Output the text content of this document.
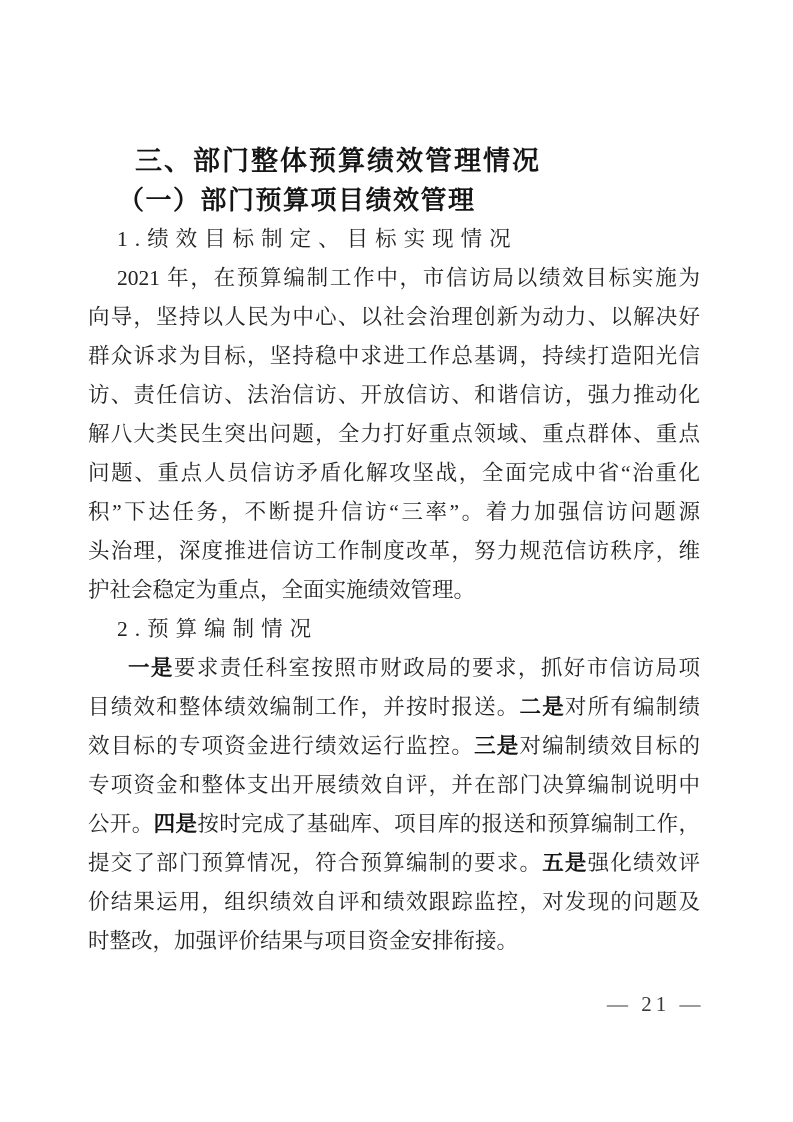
三、部门整体预算绩效管理情况
（一）部门预算项目绩效管理
1.绩效目标制定、目标实现情况
2021 年，在预算编制工作中，市信访局以绩效目标实施为
向导，坚持以人民为中心、以社会治理创新为动力、以解决好
群众诉求为目标，坚持稳中求进工作总基调，持续打造阳光信
访、责任信访、法治信访、开放信访、和谐信访，强力推动化
解八大类民生突出问题，全力打好重点领域、重点群体、重点
问题、重点人员信访矛盾化解攻坚战，全面完成中省“治重化
积”下达任务，不断提升信访“三率”。着力加强信访问题源
头治理，深度推进信访工作制度改革，努力规范信访秩序，维
护社会稳定为重点，全面实施绩效管理。
2.预算编制情况
一是要求责任科室按照市财政局的要求，抓好市信访局项
目绩效和整体绩效编制工作，并按时报送。二是对所有编制绩
效目标的专项资金进行绩效运行监控。三是对编制绩效目标的
专项资金和整体支出开展绩效自评，并在部门决算编制说明中
公开。四是按时完成了基础库、项目库的报送和预算编制工作，
提交了部门预算情况，符合预算编制的要求。五是强化绩效评
价结果运用，组织绩效自评和绩效跟踪监控，对发现的问题及
时整改，加强评价结果与项目资金安排衔接。
— 21 —
